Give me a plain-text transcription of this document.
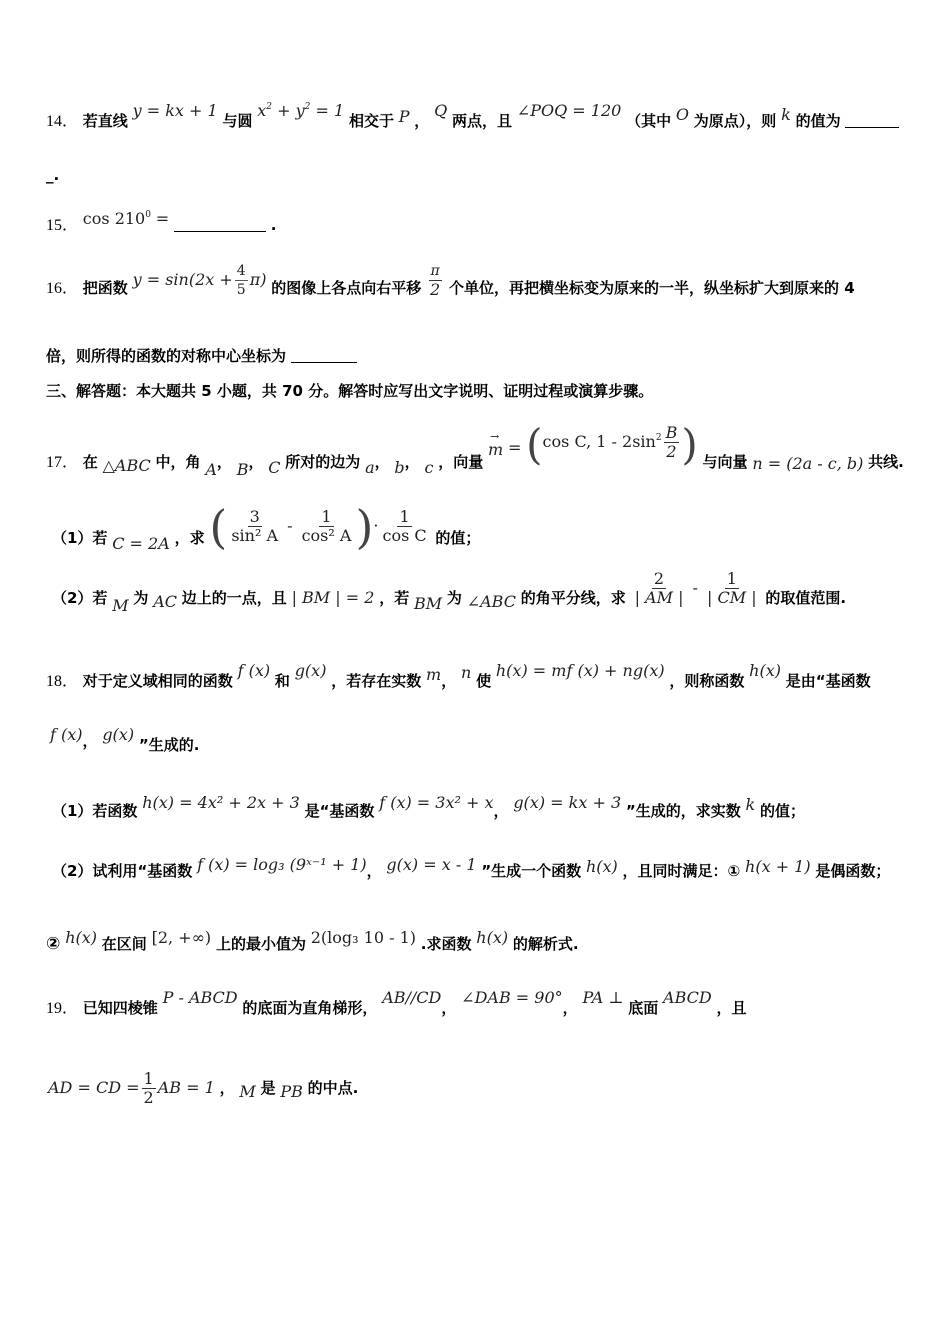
14． 若直线 y = kx + 1 与圆 $x^2 + y^2 = 1$ 相交于 P ， Q 两点，且 ∠POQ = 120 （其中 O 为原点），则 k 的值为
_.
15． $\cos 210^0$ =	.
16． 把函数 $y = \sin(2x + \frac{4}{5} \pi)$ 的图像上各点向右平移 $\frac{\pi}{2}$ 个单位，再把横坐标变为原来的一半，纵坐标扩大到原来的 4
倍，则所得的函数的对称中心坐标为
三、解答题：本大题共 5 小题，共 70 分。解答时应写出文字说明、证明过程或演算步骤。
17． 在 △ABC 中，角 A， B， C 所对的边为 a， b， c ，向量
→
m = (cos C, $1 - 2\sin^2 \frac{B}{2}$ ) 与向量 n = (2a - c, b) 共线.
（1）若 C = 2A ，求 ( $\frac{3}{\text{sin² A}} - \frac{1}{\text{cos² A}}$ )· $\frac{1}{\text{cos C}}$ 的值；
（2）若 M 为 AC 边上的一点，且 | BM | = 2 ，若 BM 为 ∠ABC 的角平分线，求 $\frac{2}{| AM |} - \frac{1}{| CM |}$ 的取值范围.
18． 对于定义域相同的函数 f (x) 和 g(x) ，若存在实数 m， n 使 h(x) = mf (x) + ng(x) ，则称函数 h(x) 是由“基函数
f (x)， g(x) ”生成的.
（1）若函数 h(x) = 4x² + 2x + 3 是“基函数 f (x) = 3x² + x， g(x) = kx + 3 ”生成的，求实数 k 的值；
（2）试利用“基函数 f (x) = log₃ (9ˣ⁻¹ + 1)， g(x) = x - 1 ”生成一个函数 h(x) ，且同时满足：① h(x + 1) 是偶函数；
② h(x) 在区间 [2, +∞) 上的最小值为 2(log₃ 10 - 1) .求函数 h(x) 的解析式.
19． 已知四棱锥 P - ABCD 的底面为直角梯形， AB//CD， ∠DAB = 90°， PA ⊥ 底面 ABCD ，且
AD = CD = $\frac{1}{2}$ AB = 1 ， M 是 PB 的中点.
